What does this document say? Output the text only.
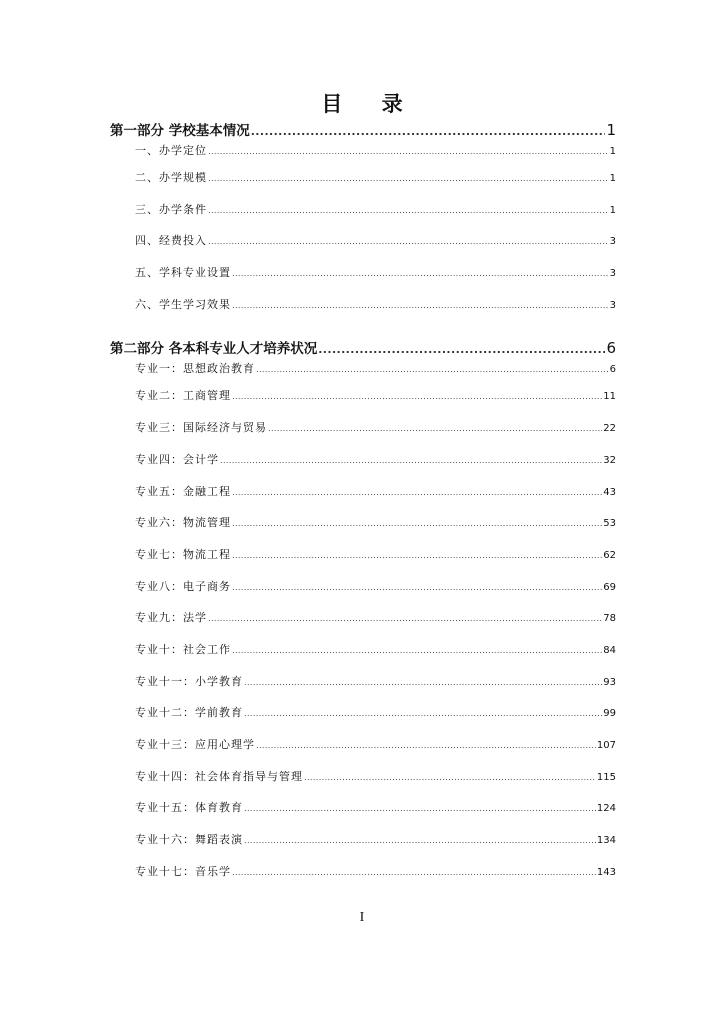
目 录
第一部分 学校基本情况 .....	1
一、办学定位 .....	1
二、办学规模 .....	1
三、办学条件 .....	1
四、经费投入 .....	3
五、学科专业设置 .....	3
六、学生学习效果 .....	3
第二部分 各本科专业人才培养状况 .....	6
专业一：思想政治教育 .....	6
专业二：工商管理 .....	11
专业三：国际经济与贸易 .....	22
专业四：会计学 .....	32
专业五：金融工程 .....	43
专业六：物流管理 .....	53
专业七：物流工程 .....	62
专业八：电子商务 .....	69
专业九：法学 .....	78
专业十：社会工作 .....	84
专业十一：小学教育 .....	93
专业十二：学前教育 .....	99
专业十三：应用心理学 .....	107
专业十四：社会体育指导与管理 .....	115
专业十五：体育教育 .....	124
专业十六：舞蹈表演 .....	134
专业十七：音乐学 .....	143
I
